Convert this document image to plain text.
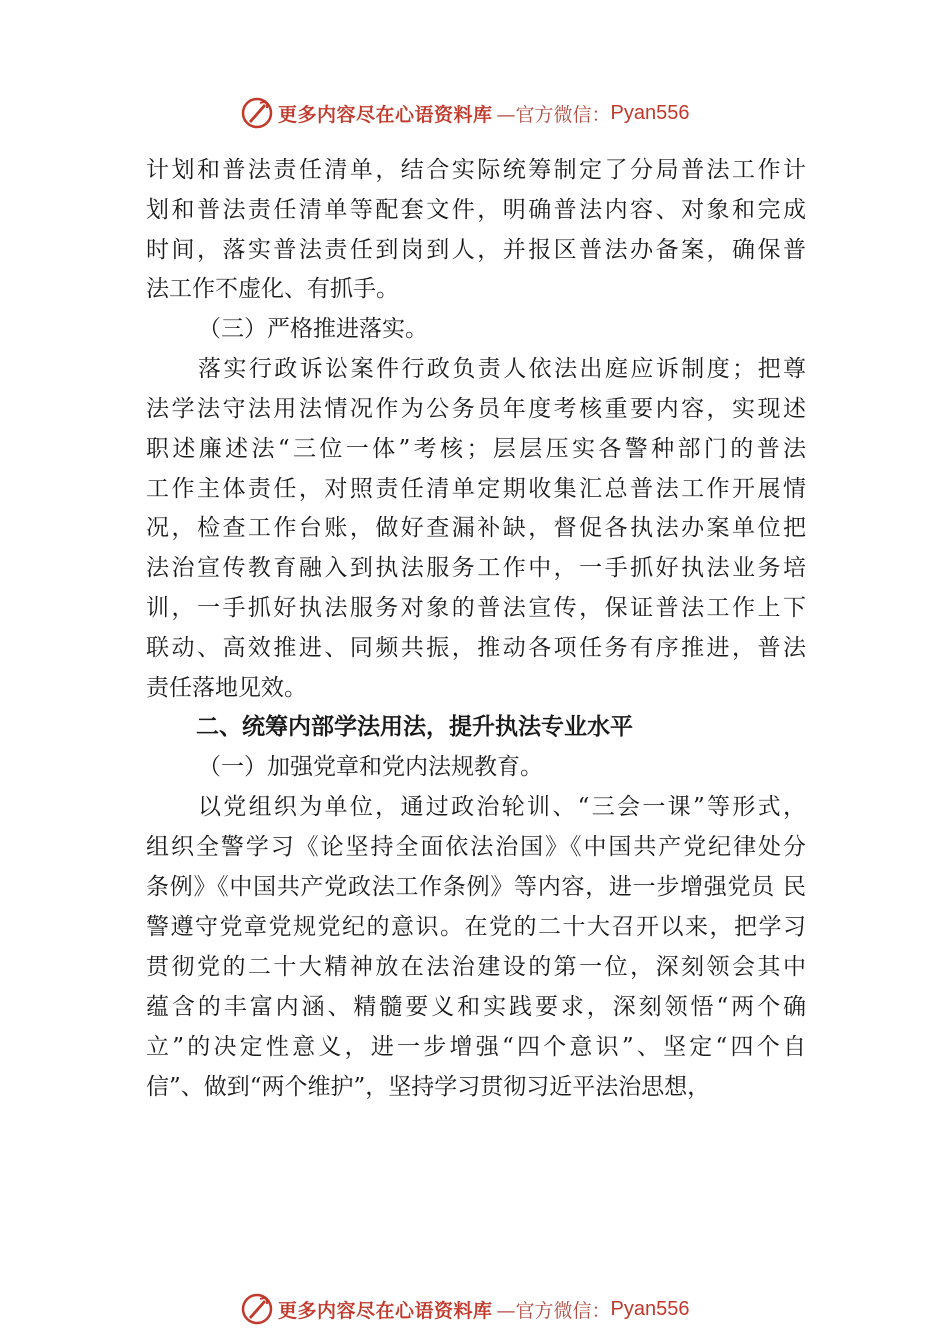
更多内容尽在心语资料库 —官方微信： Pyan556
计划和普法责任清单，结合实际统筹制定了分局普法工作计
划和普法责任清单等配套文件，明确普法内容、对象和完成
时间，落实普法责任到岗到人，并报区普法办备案，确保普
法工作不虚化、有抓手。
（三）严格推进落实。
落实行政诉讼案件行政负责人依法出庭应诉制度；把尊
法学法守法用法情况作为公务员年度考核重要内容，实现述
职述廉述法“三位一体”考核；层层压实各警种部门的普法
工作主体责任，对照责任清单定期收集汇总普法工作开展情
况，检查工作台账，做好查漏补缺，督促各执法办案单位把
法治宣传教育融入到执法服务工作中，一手抓好执法业务培
训，一手抓好执法服务对象的普法宣传，保证普法工作上下
联动、高效推进、同频共振，推动各项任务有序推进，普法
责任落地见效。
二、统筹内部学法用法，提升执法专业水平
（一）加强党章和党内法规教育。
以党组织为单位，通过政治轮训、“三会一课”等形式，
组织全警学习《论坚持全面依法治国》《中国共产党纪律处分
条例》《中国共产党政法工作条例》等内容，进一步增强党员 民
警遵守党章党规党纪的意识。在党的二十大召开以来，把学习
贯彻党的二十大精神放在法治建设的第一位，深刻领会其中
蕴含的丰富内涵、精髓要义和实践要求，深刻领悟“两个确
立”的决定性意义，进一步增强“四个意识”、坚定“四个自
信”、做到“两个维护”，坚持学习贯彻习近平法治思想，
更多内容尽在心语资料库 —官方微信： Pyan556
